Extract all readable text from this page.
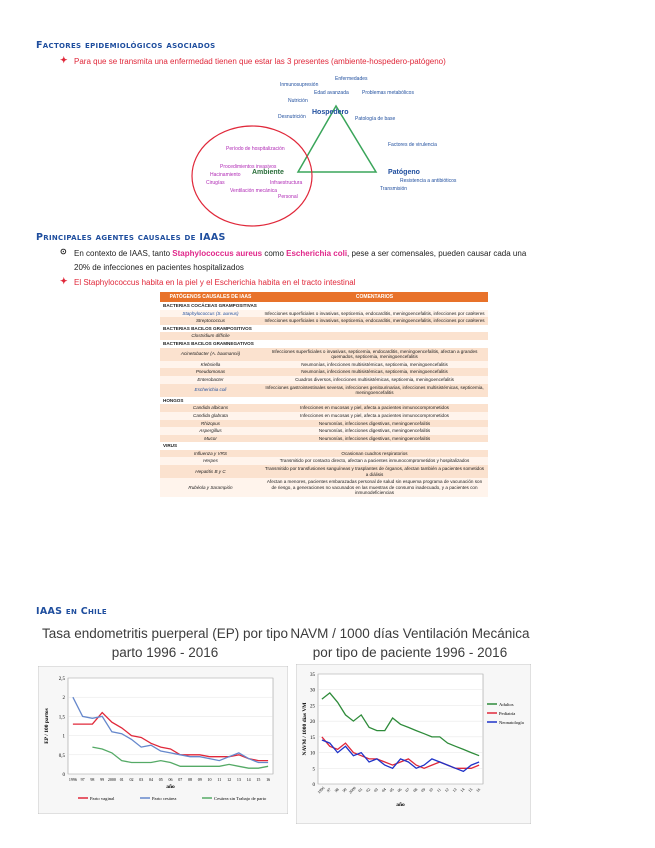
Factores epidemiológicos asociados
✦ Para que se transmita una enfermedad tienen que estar las 3 presentes (ambiente-hospedero-patógeno)
Hospedero
Ambiente	Patógeno
Inmunosupresión
Enfermedades
Nutrición
Edad avanzada	Problemas metabólicos
Desnutrición	Patología de base
Período de hospitalización
Procedimientos invasivos
Cirugías
Ventilación mecánica
Hacinamiento
Infraestructura
Personal
Factores de virulencia
Resistencia a antibióticos
Transmisión
Principales agentes causales de IAAS
⊙ En contexto de IAAS, tanto Staphylococcus aureus como Escherichia coli, pese a ser comensales, pueden causar cada una
20% de infecciones en pacientes hospitalizados
✦ El Staphylococcus habita en la piel y el Escherichia habita en el tracto intestinal
PATÓGENOS CAUSALES DE IAAS	COMENTARIOS
BACTERIAS COCÁCEAS GRAMPOSITIVAS	
Staphylococcus (S. aureus)	Infecciones superficiales o invasivas, septicemia, endocarditis, meningoencefalitis, infecciones por catéteres
Streptococcus	Infecciones superficiales o invasivas, septicemia, endocarditis, meningoencefalitis, infecciones por catéteres
BACTERIAS BACILOS GRAMPOSITIVOS	
Clostridium difficile	
BACTERIAS BACILOS GRAMNEGATIVOS	
Acinetobacter (A. baumannii)	Infecciones superficiales o invasivas, septicemia, endocarditis, meningoencefalitis, afectan a grandes quemados, septicemia, meningoencefalitis
Klebsiella	Neumonías, infecciones multisistémicas, septicemia, meningoencefalitis
Pseudomonas	Neumonías, infecciones multisistémicas, septicemia, meningoencefalitis
Enterobacter	Cuadros diversos, infecciones multisistémicas, septicemia, meningoencefalitis
Escherichia coli	Infecciones gastrointestinales severas, infecciones genitourinarias, infecciones multisistémicas, septicemia, meningoencefalitis
HONGOS	
Candida albicans	Infecciones en mucosas y piel, afecta a pacientes inmunocomprometidos
Candida glabrata	Infecciones en mucosas y piel, afecta a pacientes inmunocomprometidos
Rhizopus	Neumonías, infecciones digestivas, meningoencefalitis
Aspergillus	Neumonías, infecciones digestivas, meningoencefalitis
Mucor	Neumonías, infecciones digestivas, meningoencefalitis
VIRUS	
Influenza y VRS	Ocasionan cuadros respiratorios
Herpes	Transmitido por contacto directo, afectan a pacientes inmunocomprometidos y hospitalizados
Hepatitis B y C	Transmitido por transfusiones sanguíneas y trasplantes de órganos, afectan también a pacientes sometidos a diálisis
Rubéola y Sarampión	Afectan a menores, pacientes embarazadas personal de salud sin esquema programa de vacunación son de riesgo, a generaciones no vacunados en las muestras de consumo inadecuado, y a pacientes con inmunodeficiencias
IAAS en Chile
Tasa endometritis puerperal (EP) por tipo parto 1996 - 2016
NAVM / 1000 días Ventilación Mecánica por tipo de paciente 1996 - 2016
0
0,5
1
1,5
2
2,5
1996 97 98 99 2000 01 02 03 04 05 06 07 08 09 10 11 12 13 14 15 16
EP / 100 partos
año
Parto vaginal	Parto cesárea	Cesárea sin Trabajo de parto
0
5
10
15
20
25
30
35
1996 97 98 99 2000 01 02 03 04 05 06 07 08 09 10 11 12 13 14 15 16
NAVM / 1000 días VM
año
Adultos
Pediatría
Neonatología
